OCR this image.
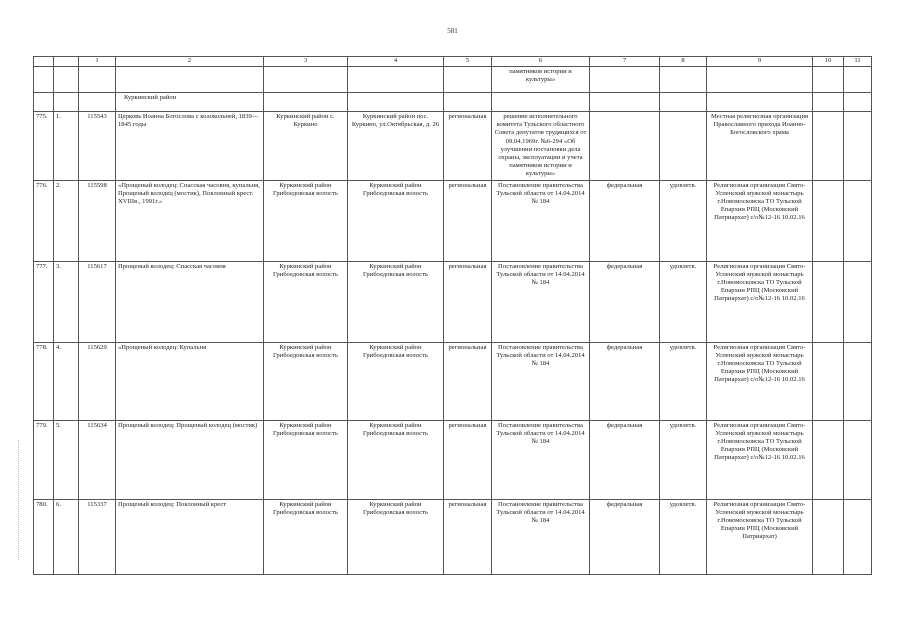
581
		1	2	3	4	5	6	7	8	9	10	11
							памятников истории и культуры»					
			Куркинский район									
775.	1.	115543	Церковь Иоанна Богослова с колокольней, 1839—1845 годы	Куркинский район с. Куркино	Куркинский район пос. Куркино, ул.Октябрьская, д. 26	региональная	решение исполнительного комитета Тульского областного Совета депутатов трудящихся от 09.04.1969г. №6-294 «Об улучшении постановки дела охраны, эксплуатации и учета памятников истории и культуры»			Местная религиозная организация Православного прихода Иоанно-Богословского храма		
776.	2.	115598	«Прощеный колодец: Спасская часовня, купальня, Прощеный колодец (мостик), Поклонный крест. XVIIIв., 1991г.»	Куркинский район Грибоедовская волость	Куркинский район Грибоедовская волость	региональная	Постановление правительства Тульской области от 14.04.2014 № 184	федеральная	удовлетв.	Религиозная организация Свято-Успенский мужской монастырь г.Новомосковска ТО Тульской Епархии РПЦ (Московский Патриархат) с/о№12-16 10.02.16		
777.	3.	115617	Прощеный колодец: Спасская часовня	Куркинский район Грибоедовская волость	Куркинский район Грибоедовская волость	региональная	Постановление правительства Тульской области от 14.04.2014 № 184	федеральная	удовлетв.	Религиозная организация Свято-Успенский мужской монастырь г.Новомосковска ТО Тульской Епархии РПЦ (Московский Патриархат) с/о№12-16 10.02.16		
778.	4.	115629	«Прощеный колодец: Купальня	Куркинский район Грибоедовская волость	Куркинский район Грибоедовская волость	региональная	Постановление правительства Тульской области от 14.04.2014 № 184	федеральная	удовлетв.	Религиозная организация Свято-Успенский мужской монастырь г.Новомосковска ТО Тульской Епархии РПЦ (Московский Патриархат) с/о№12-16 10.02.16		
779.	5.	115634	Прощеный колодец: Прощеный колодец (мостик)	Куркинский район Грибоедовская волость	Куркинский район Грибоедовская волость	региональная	Постановление правительства Тульской области от 14.04.2014 № 184	федеральная	удовлетв.	Религиозная организация Свято-Успенский мужской монастырь г.Новомосковска ТО Тульской Епархии РПЦ (Московский Патриархат) с/о№12-16 10.02.16		
780.	6.	115337	Прощеный колодец: Поклонный крест	Куркинский район Грибоедовская волость	Куркинский район Грибоедовская волость	региональная	Постановление правительства Тульской области от 14.04.2014 № 184	федеральная	удовлетв.	Религиозная организация Свято-Успенский мужской монастырь г.Новомосковска ТО Тульской Епархии РПЦ (Московский Патриархат)		
